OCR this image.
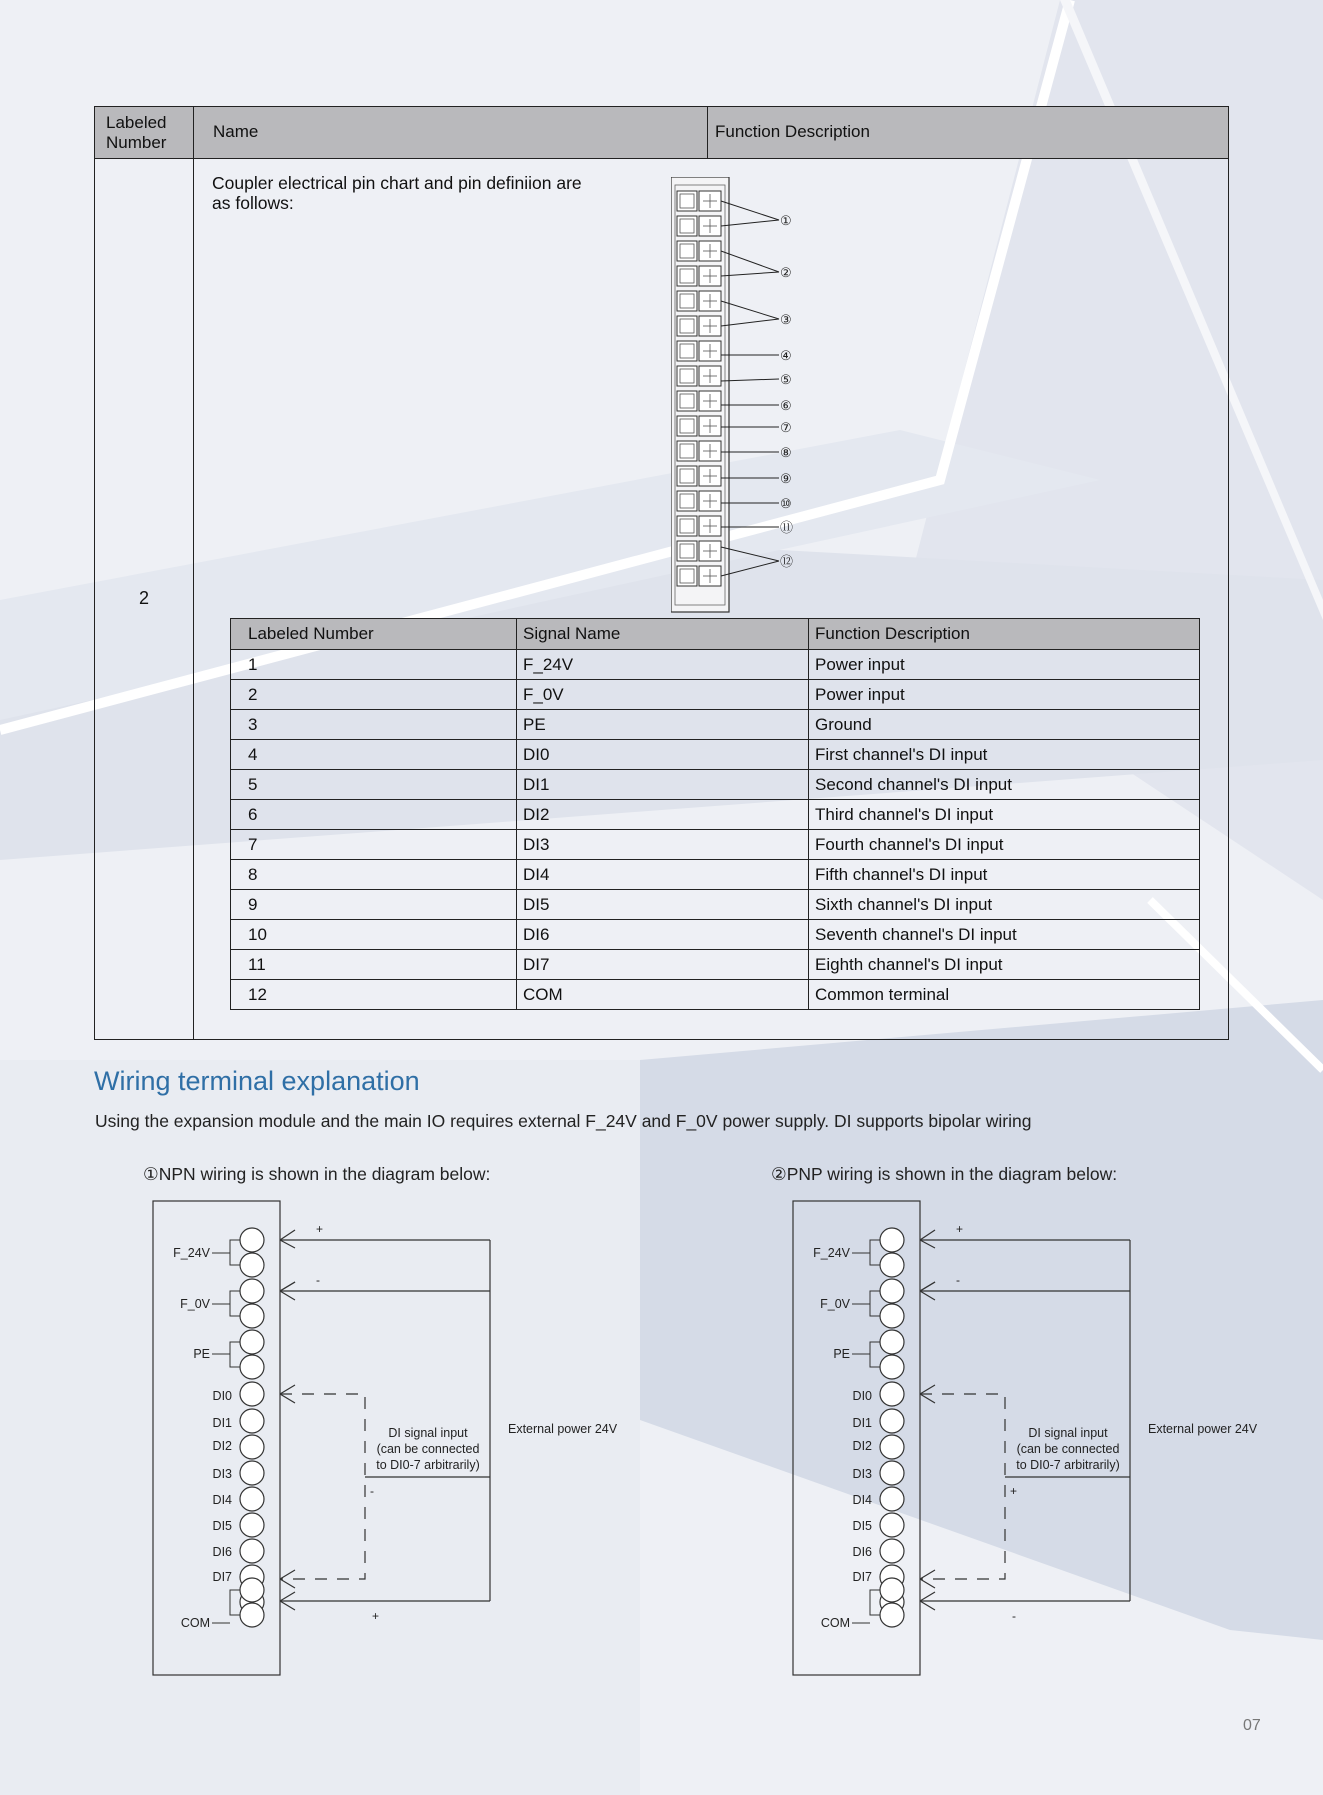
Labeled
Number
Name	Function Description
2
Coupler electrical pin chart and pin definiion are
as follows:
①
②
③
④
⑤
⑥
⑦
⑧
⑨
⑩
⑪
⑫
Labeled Number	Signal Name	Function Description
1	F_24V	Power input
2	F_0V	Power input
3	PE	Ground
4	DI0	First channel's DI input
5	DI1	Second channel's DI input
6	DI2	Third channel's DI input
7	DI3	Fourth channel's DI input
8	DI4	Fifth channel's DI input
9	DI5	Sixth channel's DI input
10	DI6	Seventh channel's DI input
11	DI7	Eighth channel's DI input
12	COM	Common terminal
Wiring terminal explanation
Using the expansion module and the main IO requires external F_24V and F_0V power supply. DI supports bipolar wiring
①NPN wiring is shown in the diagram below:	②PNP wiring is shown in the diagram below:
F_24V
F_0V
PE
DI0
DI1
DI2
DI3
DI4
DI5
DI6
DI7
COM
+
-
-
+
DI signal input
(can be connected
to DI0-7 arbitrarily)
External power 24V
F_24V
F_0V
PE
DI0
DI1
DI2
DI3
DI4
DI5
DI6
DI7
COM
+
-
+
-
DI signal input
(can be connected
to DI0-7 arbitrarily)
External power 24V
07
